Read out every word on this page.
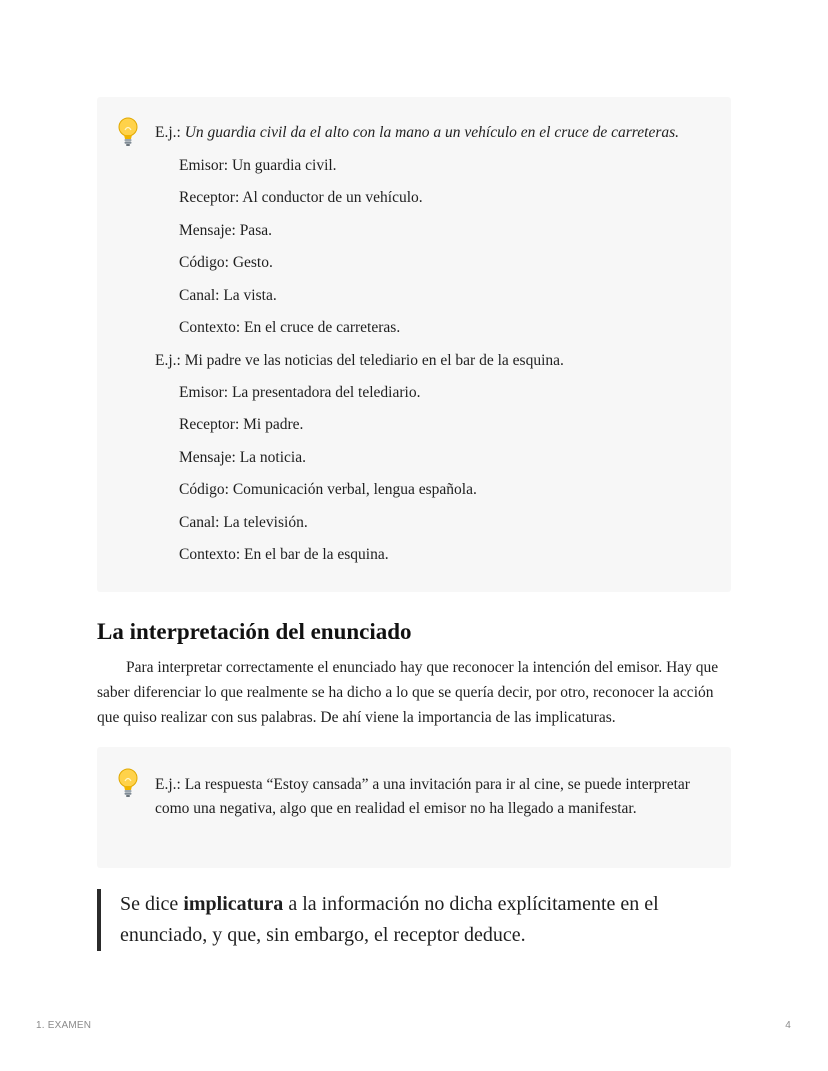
E.j.: Un guardia civil da el alto con la mano a un vehículo en el cruce de carreteras.
Emisor: Un guardia civil.
Receptor: Al conductor de un vehículo.
Mensaje: Pasa.
Código: Gesto.
Canal: La vista.
Contexto: En el cruce de carreteras.
E.j.: Mi padre ve las noticias del telediario en el bar de la esquina.
Emisor: La presentadora del telediario.
Receptor: Mi padre.
Mensaje: La noticia.
Código: Comunicación verbal, lengua española.
Canal: La televisión.
Contexto: En el bar de la esquina.
La interpretación del enunciado

Para interpretar correctamente el enunciado hay que reconocer la intención del emisor. Hay que saber diferenciar lo que realmente se ha dicho a lo que se quería decir, por otro, reconocer la acción que quiso realizar con sus palabras. De ahí viene la importancia de las implicaturas.

E.j.: La respuesta “Estoy cansada” a una invitación para ir al cine, se puede interpretar como una negativa, algo que en realidad el emisor no ha llegado a manifestar.

Se dice implicatura a la información no dicha explícitamente en el enunciado, y que, sin embargo, el receptor deduce.
1. EXAMEN	4
